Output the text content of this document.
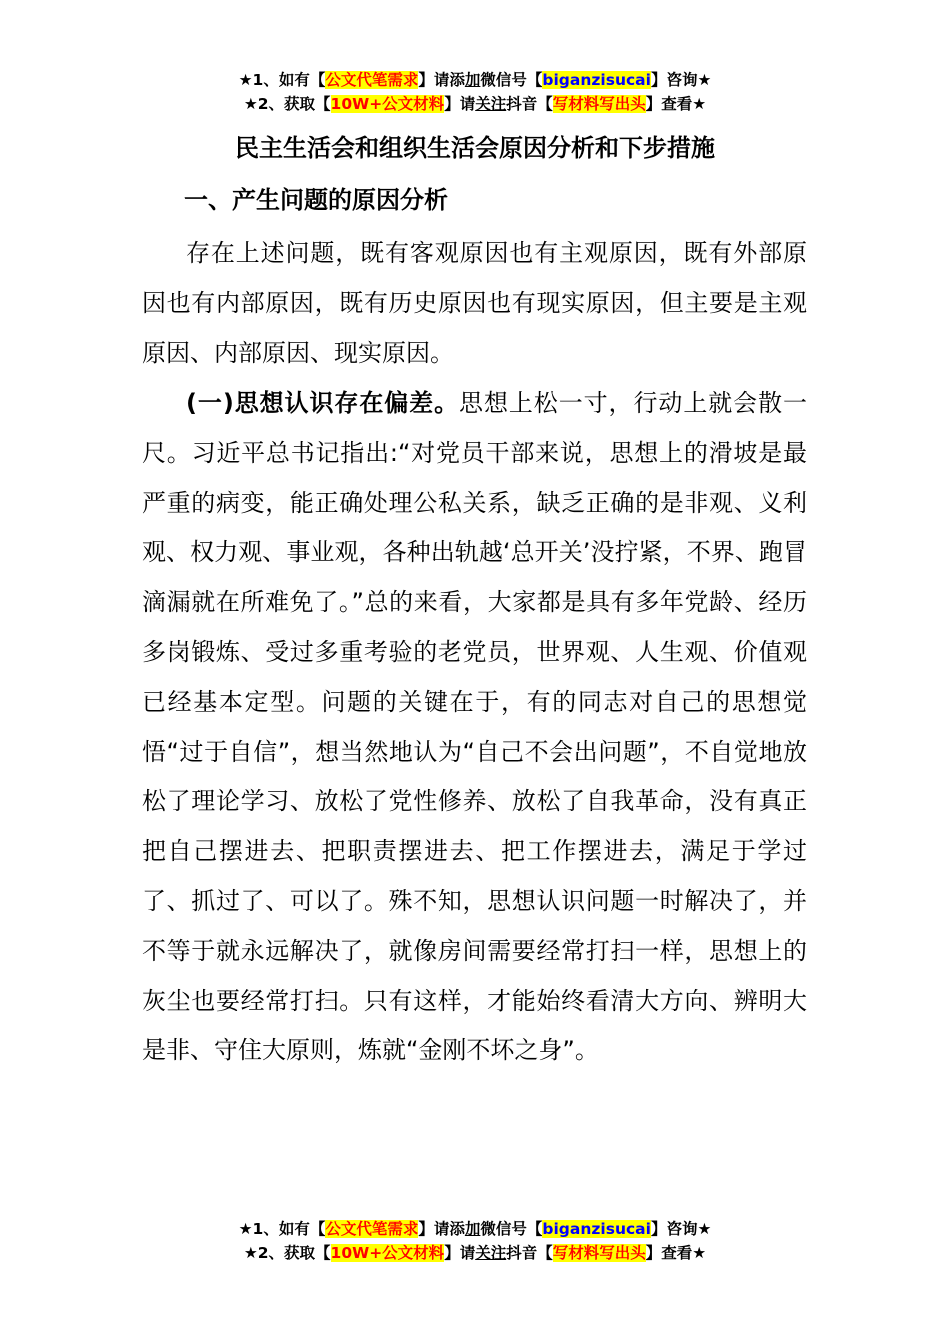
★1、如有【公文代笔需求】请添加微信号【biganzisucai】咨询★
★2、获取【10W+公文材料】请关注抖音【写材料写出头】查看★
民主生活会和组织生活会原因分析和下步措施
一、产生问题的原因分析
存在上述问题，既有客观原因也有主观原因，既有外部原因也有内部原因，既有历史原因也有现实原因，但主要是主观原因、内部原因、现实原因。
(一)思想认识存在偏差。思想上松一寸，行动上就会散一尺。习近平总书记指出:“对党员干部来说，思想上的滑坡是最严重的病变，能正确处理公私关系，缺乏正确的是非观、义利观、权力观、事业观，各种出轨越‘总开关’没拧紧，不界、跑冒滴漏就在所难免了。”总的来看，大家都是具有多年党龄、经历多岗锻炼、受过多重考验的老党员，世界观、人生观、价值观已经基本定型。问题的关键在于，有的同志对自己的思想觉悟“过于自信”，想当然地认为“自己不会出问题”，不自觉地放松了理论学习、放松了党性修养、放松了自我革命，没有真正把自己摆进去、把职责摆进去、把工作摆进去，满足于学过了、抓过了、可以了。殊不知，思想认识问题一时解决了，并不等于就永远解决了，就像房间需要经常打扫一样，思想上的灰尘也要经常打扫。只有这样，才能始终看清大方向、辨明大是非、守住大原则，炼就“金刚不坏之身”。
★1、如有【公文代笔需求】请添加微信号【biganzisucai】咨询★
★2、获取【10W+公文材料】请关注抖音【写材料写出头】查看★
